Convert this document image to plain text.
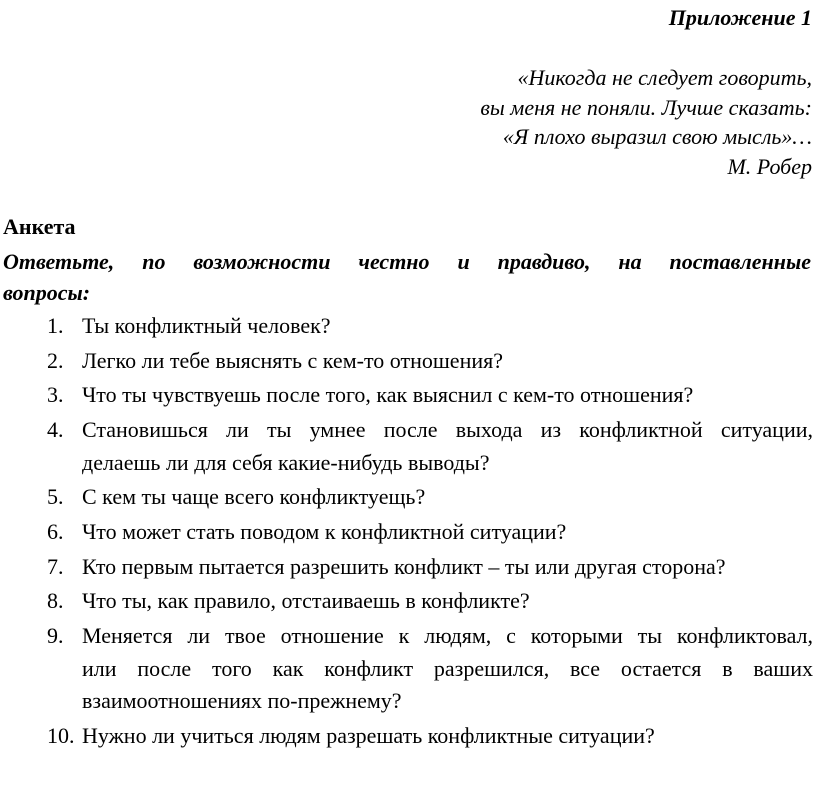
Приложение 1
«Никогда не следует говорить,
вы меня не поняли. Лучше сказать:
«Я плохо выразил свою мысль»…
М. Робер
Анкета
Ответьте, по возможности честно и правдиво, на поставленные
вопросы:
1. Ты конфликтный человек?
2. Легко ли тебе выяснять с кем-то отношения?
3. Что ты чувствуешь после того, как выяснил с кем-то отношения?
4. Становишься ли ты умнее после выхода из конфликтной ситуации,
делаешь ли для себя какие-нибудь выводы?
5. С кем ты чаще всего конфликтуещь?
6. Что может стать поводом к конфликтной ситуации?
7. Кто первым пытается разрешить конфликт – ты или другая сторона?
8. Что ты, как правило, отстаиваешь в конфликте?
9. Меняется ли твое отношение к людям, с которыми ты конфликтовал,
или после того как конфликт разрешился, все остается в ваших
взаимоотношениях по-прежнему?
10. Нужно ли учиться людям разрешать конфликтные ситуации?
